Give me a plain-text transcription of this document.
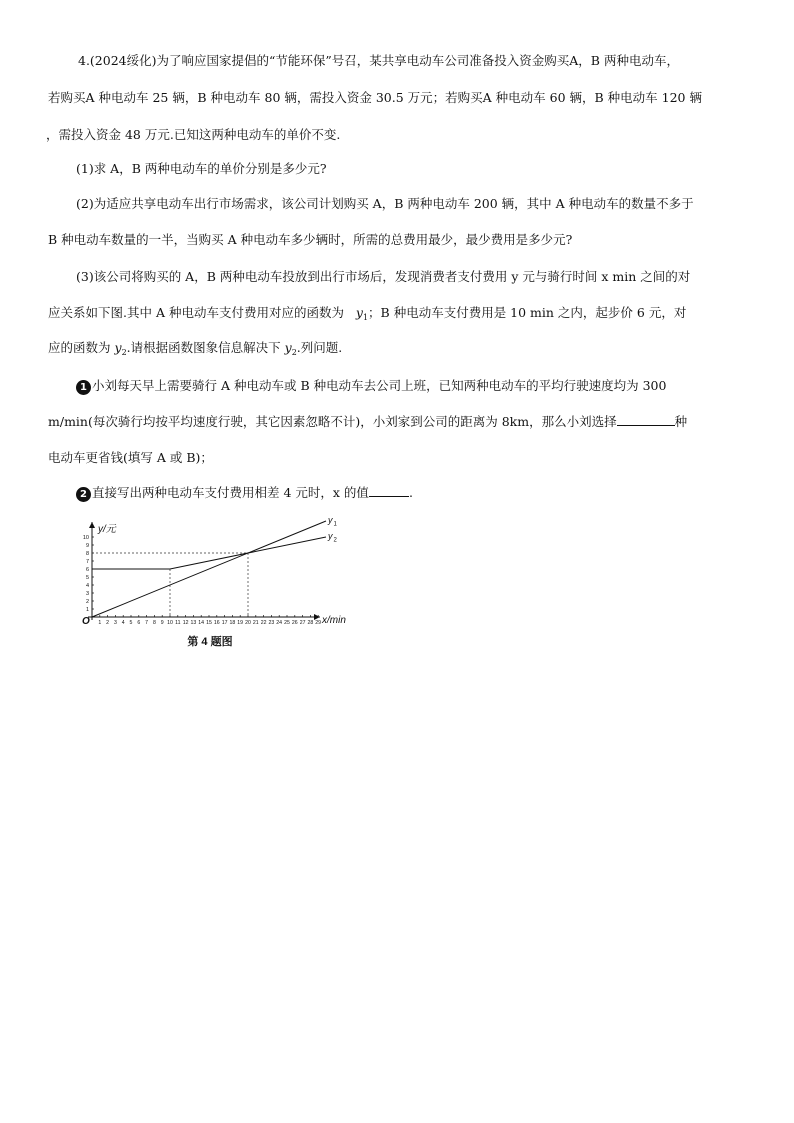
4.(2024绥化)为了响应国家提倡的“节能环保”号召，某共享电动车公司准备投入资金购买A，B 两种电动车，
若购买A 种电动车 25 辆，B 种电动车 80 辆，需投入资金 30.5 万元；若购买A 种电动车 60 辆，B 种电动车 120 辆
，需投入资金 48 万元.已知这两种电动车的单价不变.
(1)求 A，B 两种电动车的单价分别是多少元?
(2)为适应共享电动车出行市场需求，该公司计划购买 A，B 两种电动车 200 辆，其中 A 种电动车的数量不多于
B 种电动车数量的一半，当购买 A 种电动车多少辆时，所需的总费用最少，最少费用是多少元?
(3)该公司将购买的 A，B 两种电动车投放到出行市场后，发现消费者支付费用 y 元与骑行时间 x min 之间的对
应关系如下图.其中 A 种电动车支付费用对应的函数为 $y_1$；B 种电动车支付费用是 10 min 之内，起步价 6 元，对
应的函数为 $y_2$.请根据函数图象信息解决下 $y_2$.列问题.
1 小刘每天早上需要骑行 A 种电动车或 B 种电动车去公司上班，已知两种电动车的平均行驶速度均为 300
m/min(每次骑行均按平均速度行驶，其它因素忽略不计)，小刘家到公司的距离为 8km，那么小刘选择	种
电动车更省钱(填写 A 或 B)；
2 直接写出两种电动车支付费用相差 4 元时，x 的值	.
1 2 3 4 5 6 7 8 9 10 11 12 13 14 15 16 17 18 19 20 21 22 23 24 25 26 27 28 29
1
2
3
4
5
6
7
8
9
10
O
y/元
x/min
y 1
y 2
第 4 题图
